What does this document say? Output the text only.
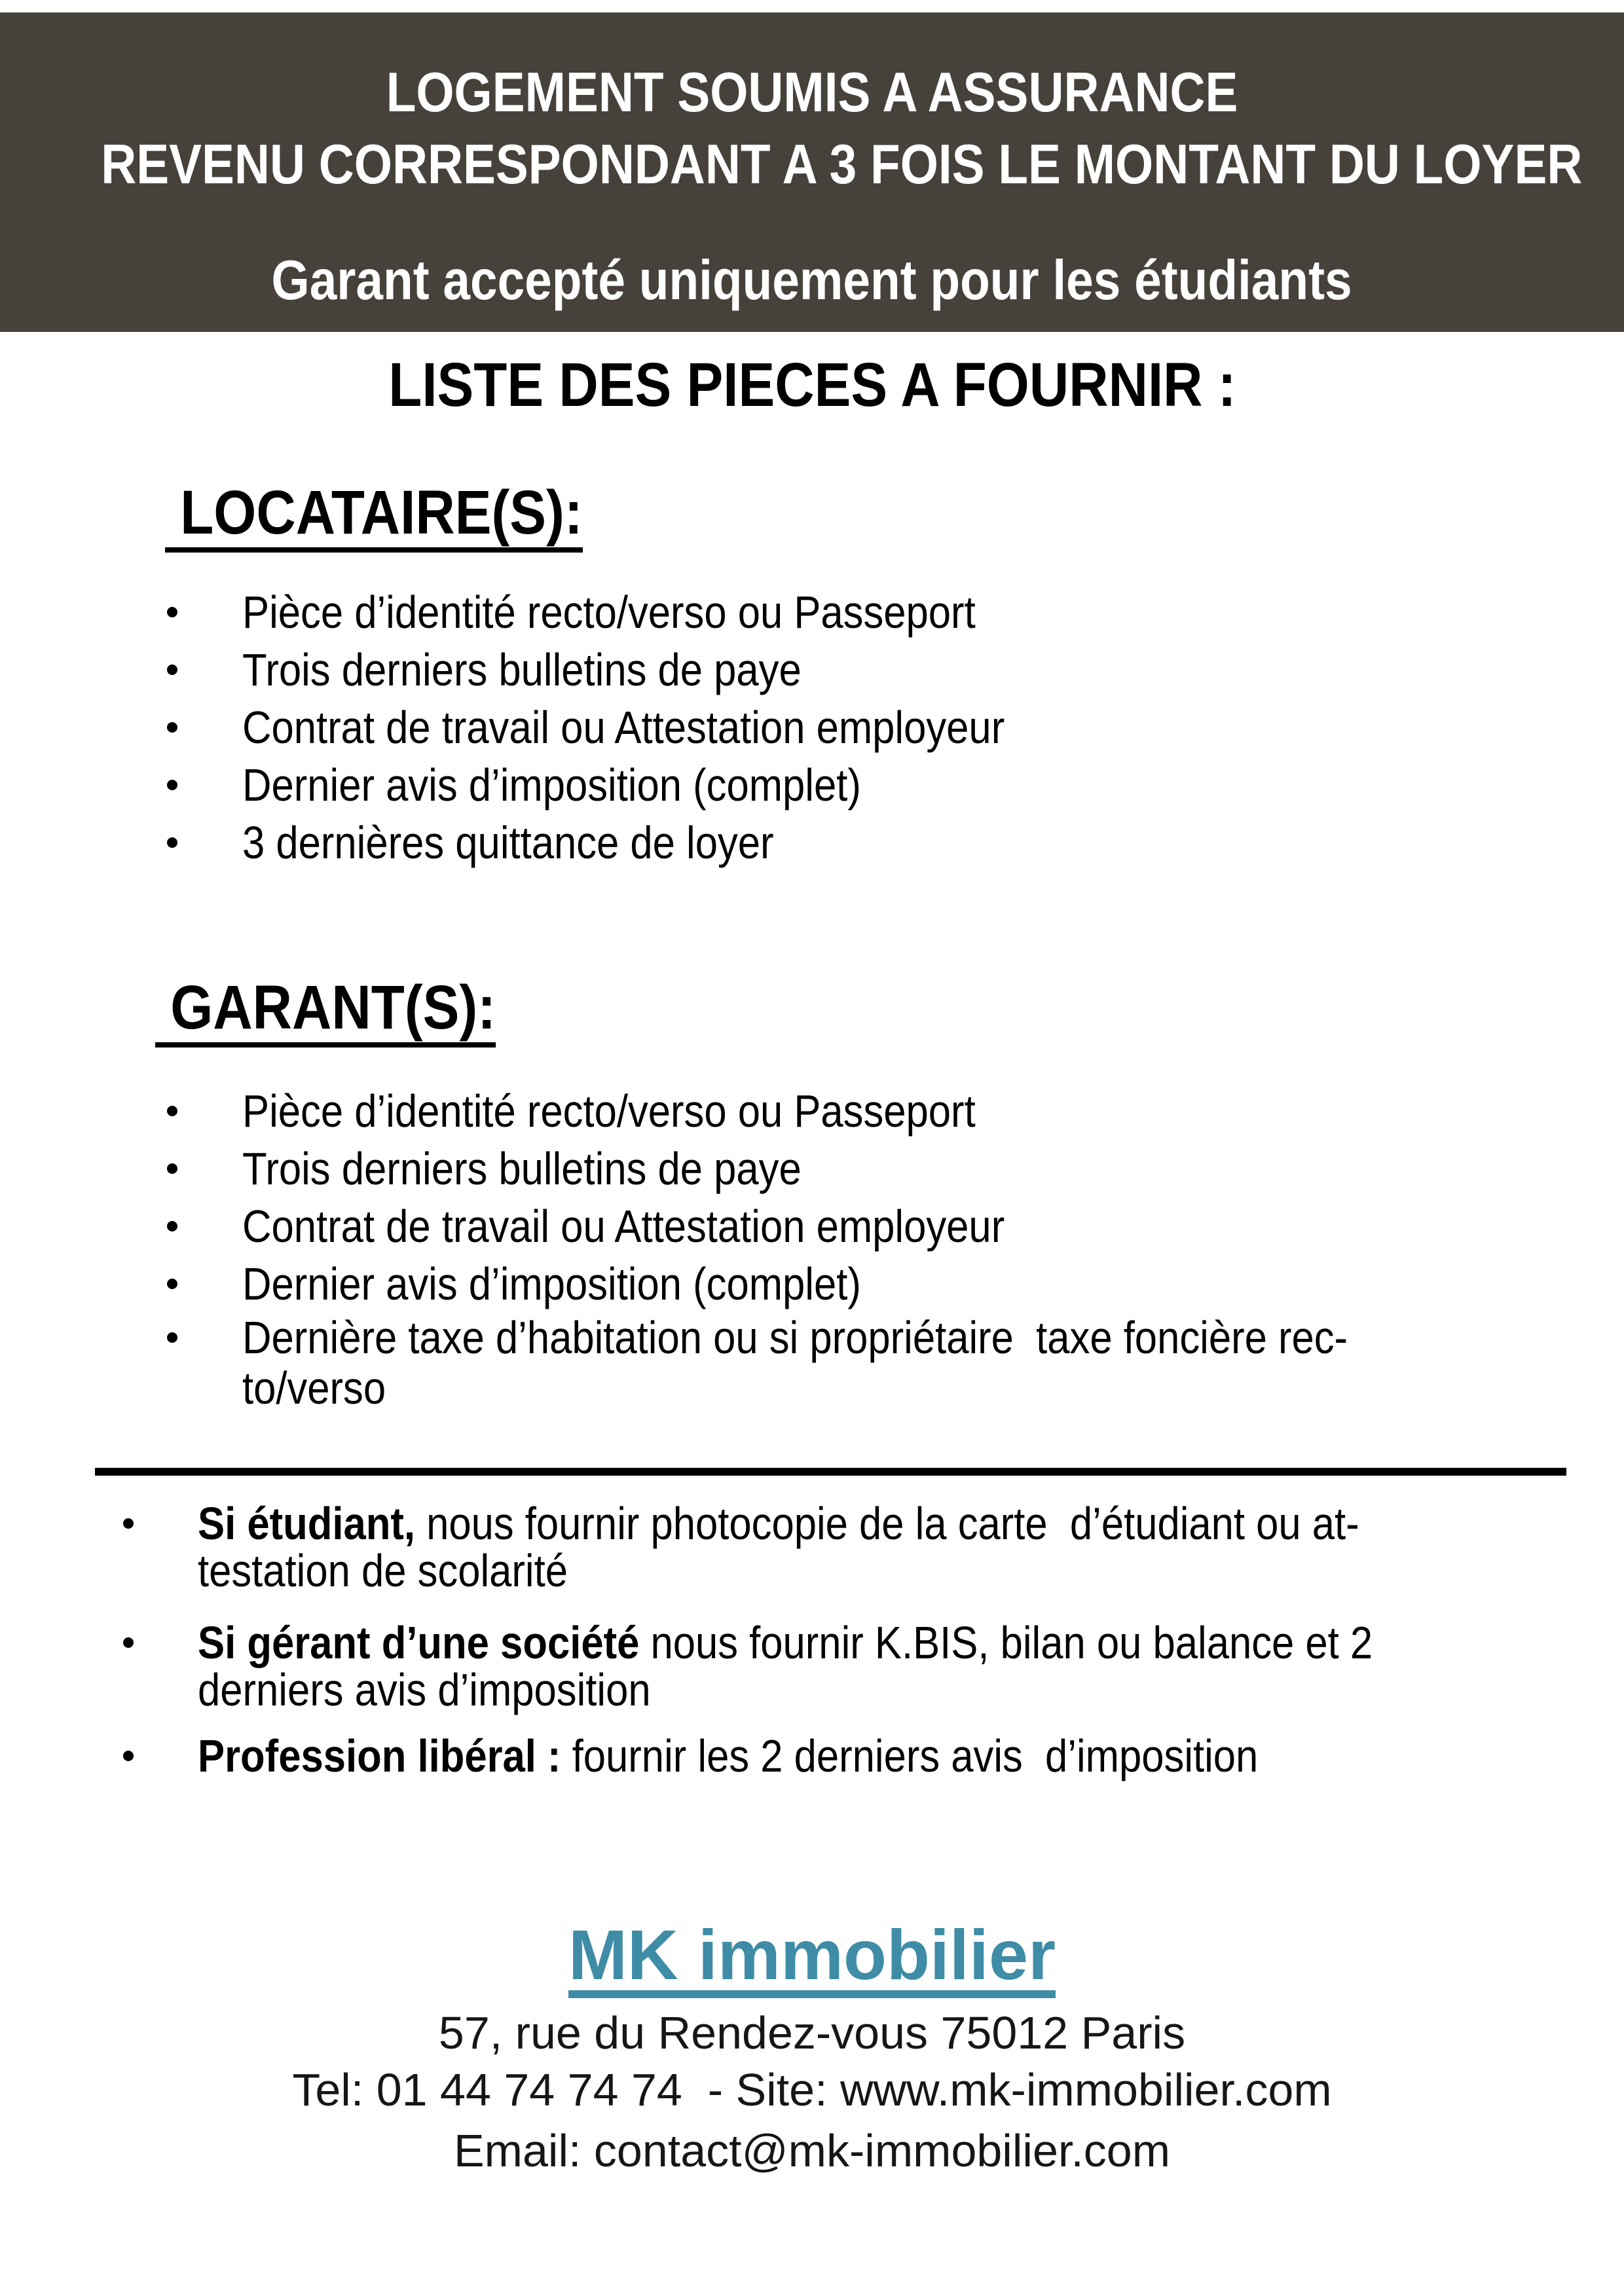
LOGEMENT SOUMIS A ASSURANCE
REVENU CORRESPONDANT A 3 FOIS LE MONTANT DU LOYER
Garant accepté uniquement pour les étudiants
LISTE DES PIECES A FOURNIR :
LOCATAIRE(S):
Pièce d’identité recto/verso ou Passeport
Trois derniers bulletins de paye
Contrat de travail ou Attestation employeur
Dernier avis d’imposition (complet)
3 dernières quittance de loyer
GARANT(S):
Pièce d’identité recto/verso ou Passeport
Trois derniers bulletins de paye
Contrat de travail ou Attestation employeur
Dernier avis d’imposition (complet)
Dernière taxe d’habitation ou si propriétaire  taxe foncière rec-
to/verso
Si étudiant, nous fournir photocopie de la carte  d’étudiant ou at-
testation de scolarité
Si gérant d’une société nous fournir K.BIS, bilan ou balance et 2
derniers avis d’imposition
Profession libéral : fournir les 2 derniers avis  d’imposition
MK immobilier
57, rue du Rendez-vous 75012 Paris
Tel: 01 44 74 74 74  - Site: www.mk-immobilier.com
Email: contact@mk-immobilier.com
